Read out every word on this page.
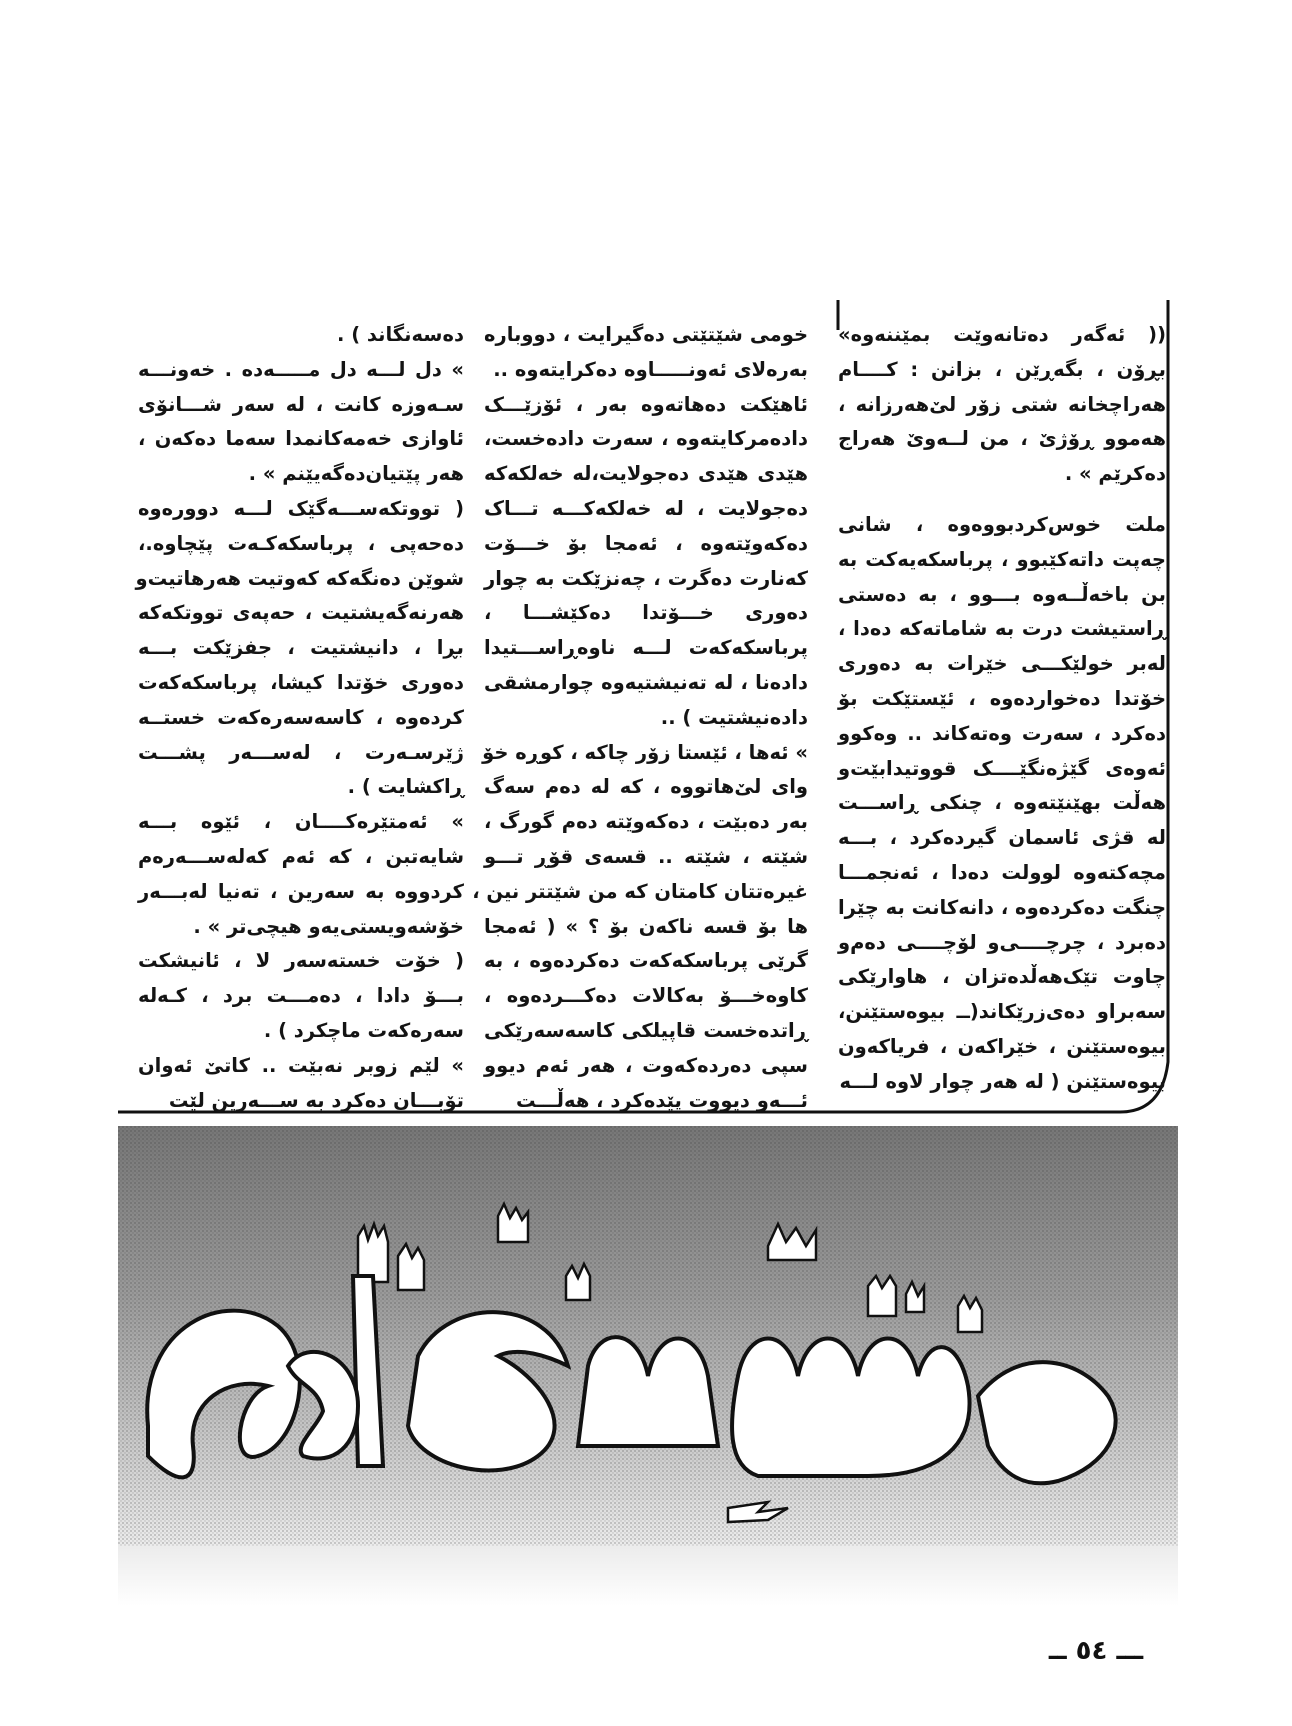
(( ئەگەر دەتانەوێت بمێننەوە»

بڕۆن ، بگەڕێن ، بزانن : کــــام

هەراچخانە شتی زۆر لێ‌هەرزانە ،

هەموو ڕۆژێ ، من لــەوێ هەراج

دەکرێم » .

ملت خوس‌کردبووەوە ، شانی

چەپت داتەکێبوو ، پرباسکەیەکت بە

بن باخەڵــەوە بـــوو ، بە دەستی

ڕاستیشت درت بە شاماتەکە دەدا ،

لەبر خولێکـــی خێرات بە دەوری

خۆتدا دەخواردەوە ، ئێستێکت بۆ

دەکرد ، سەرت وەتەکاند .. وەکوو

ئەوەی گێژەنگێــــک قووتیدابێت‌و

هەڵت بهێنێتەوە ، چنکی ڕاســـت

لە قژی ئاسمان گیردەکرد ، بـــە

مچەکتەوە لوولت دەدا ، ئەنجمـــا

چنگت دەکردەوە ، دانەکانت بە چێرا

دەبرد ، چرچــــی‌و لۆچــــی دەم‌و

چاوت تێک‌هەڵدەتزان ، هاوارێکی

سەبراو دەی‌زرێکاند(ــ بیوەستێنن،

بیوەستێنن ، خێراکەن ، فریاکەون

بیوەستێنن ( لە هەر چوار لاوە لـــە

خومی شێتێتی دەگیرایت ، دووبارە

بەرەلای ئەونـــــاوە دەکرایتەوە ..

ئاهێکت دەهاتەوە بەر ، ئۆزێـــک

دادەمرکایتەوە ، سەرت دادەخست،

هێدی هێدی دەجولایت،لە خەلکەکە

دەجولایت ، لە خەلکەکـــە تـــاک

دەکەوێتەوە ، ئەمجا بۆ خـــۆت

کەنارت دەگرت ، چەنزێکت بە چوار

دەوری خـــۆتدا دەکێشـــا ،

پرباسکەکەت لـــە ناوەڕاســـتیدا

دادەنا ، لە تەنیشتیەوە چوارمشقی

دادەنیشتیت ) ..

» ئەها ، ئێستا زۆر چاکە ، کوڕە خۆ

وای لێ‌هاتووە ، کە لە دەم سەگ

بەر دەبێت ، دەکەوێتە دەم گورگ ،

شێتە ، شێتە .. قسەی قۆڕ تـــو

غیرەتتان کامتان کە من شێتتر نین ،

ها بۆ قسە ناکەن بۆ ؟ » ( ئەمجا

گرێی پرباسکەکەت دەکردەوە ، بە

کاوەخـــۆ بەکالات دەکـــردەوە ،

ڕاتدەخست قاپیلکی کاسەسەرێکی

سپی دەردەکەوت ، هەر ئەم دیوو

ئـــەو دیووت پێدەکرد ، هەڵـــت

دەسەنگاند ) .

» دل لـــە دل مـــــەدە . خەونـــە

سـەوزە کانت ، لە سەر شـــانۆی

ئاوازی خەمەکانمدا سەما دەکەن ،

هەر پێتیان‌دەگەیێنم » .

( تووتکەســـەگێک لـــە دوورەوە

دەحەپی ، پرباسکەکـەت پێچاوە.،

شوێن دەنگەکە کەوتیت هەرهاتیت‌و

هەرنەگەیشتیت ، حەپەی تووتکەکە

بڕا ، دانیشتیت ، جفزێکت بـــە

دەوری خۆتدا کیشا، پرباسکەکەت

کردەوە ، کاسەسەرەکەت خستــە

ژێرسـەرت ، لەســـەر پشـــت

ڕاکشایت ) .

» ئەمتێرەکــــان ، ئێوە بـــە

شایەتبن ، کە ئەم کەلەســـەرەم

کردووە بە سەرین ، تەنیا لەبـــەر

خۆشەویستی‌یەو هیچی‌تر » .

( خۆت خستەسەر لا ، ئانیشکت

بـــۆ دادا ، دەمـــت برد ، کـەلە

سەرەکەت ماچکرد ) .

» لێم زوبر نەبێت .. کاتێ ئەوان

تۆبـــان دەکرد بە ســـەرین لێت

ـــ ٥٤ ــ
